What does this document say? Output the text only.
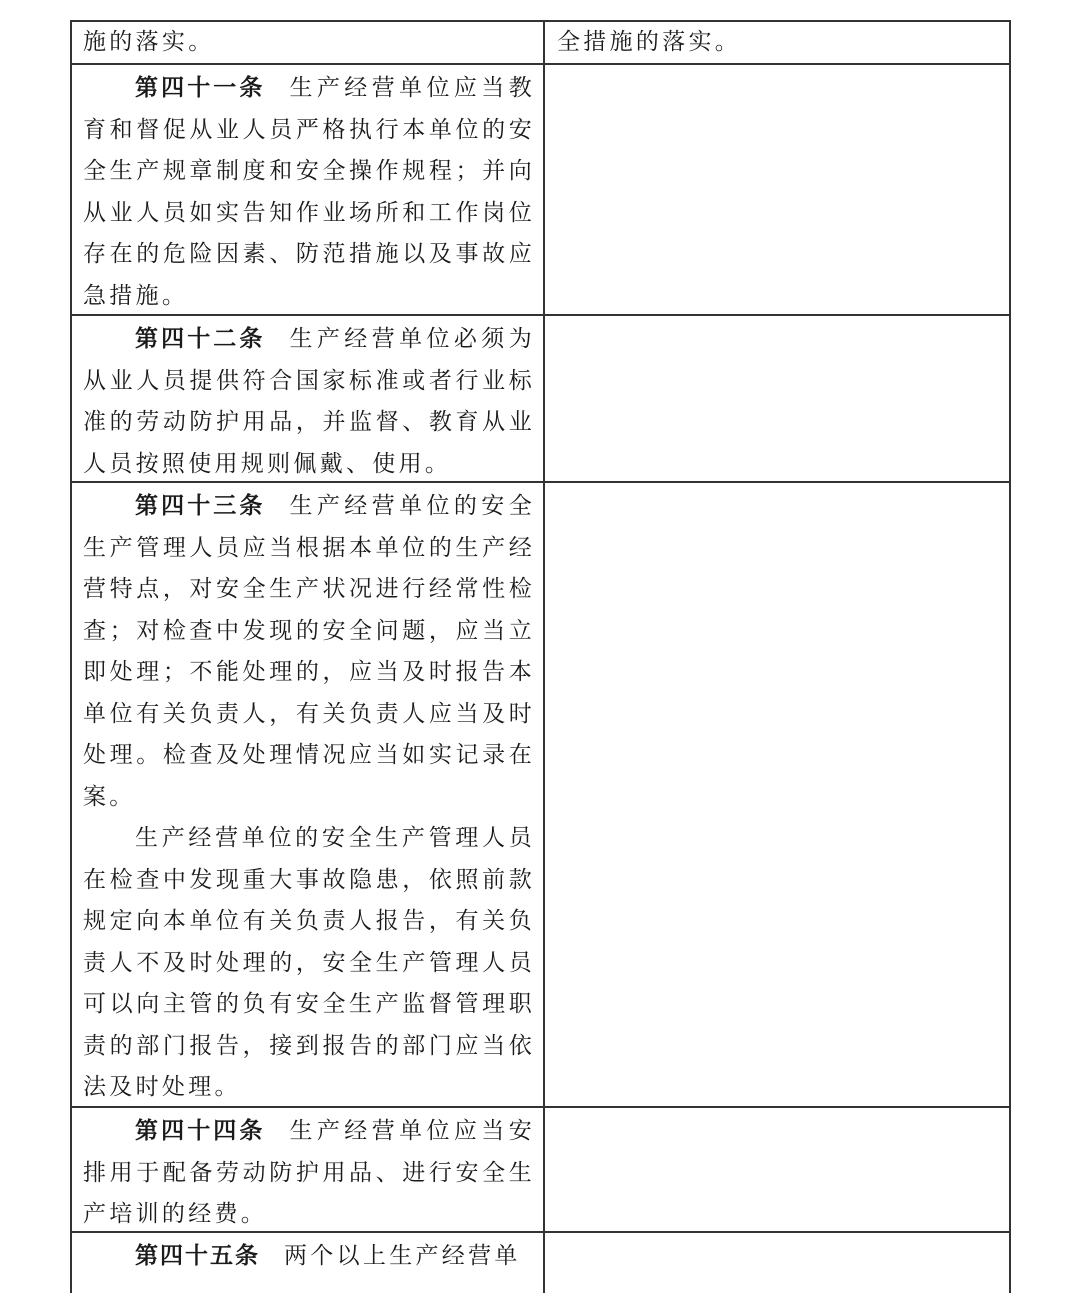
施的落实。	全措施的落实。

第四十一条 生产经营单位应当教育和督促从业人员严格执行本单位的安全生产规章制度和安全操作规程；并向从业人员如实告知作业场所和工作岗位存在的危险因素、防范措施以及事故应急措施。

第四十二条 生产经营单位必须为从业人员提供符合国家标准或者行业标准的劳动防护用品，并监督、教育从业人员按照使用规则佩戴、使用。

第四十三条 生产经营单位的安全生产管理人员应当根据本单位的生产经营特点，对安全生产状况进行经常性检查；对检查中发现的安全问题，应当立即处理；不能处理的，应当及时报告本单位有关负责人，有关负责人应当及时处理。检查及处理情况应当如实记录在案。

生产经营单位的安全生产管理人员在检查中发现重大事故隐患，依照前款规定向本单位有关负责人报告，有关负责人不及时处理的，安全生产管理人员可以向主管的负有安全生产监督管理职责的部门报告，接到报告的部门应当依法及时处理。

第四十四条 生产经营单位应当安排用于配备劳动防护用品、进行安全生产培训的经费。

第四十五条 两个以上生产经营单
